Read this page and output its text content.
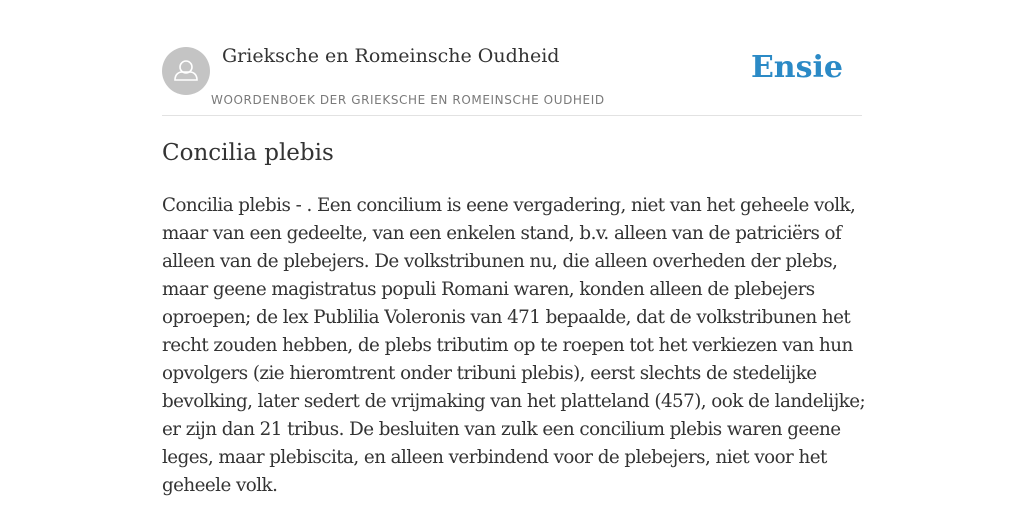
Grieksche en Romeinsche Oudheid
WOORDENBOEK DER GRIEKSCHE EN ROMEINSCHE OUDHEID
Ensie
Concilia plebis
Concilia plebis - . Een concilium is eene vergadering, niet van het geheele volk,
maar van een gedeelte, van een enkelen stand, b.v. alleen van de patriciërs of
alleen van de plebejers. De volkstribunen nu, die alleen overheden der plebs,
maar geene magistratus populi Romani waren, konden alleen de plebejers
oproepen; de lex Publilia Voleronis van 471 bepaalde, dat de volkstribunen het
recht zouden hebben, de plebs tributim op te roepen tot het verkiezen van hun
opvolgers (zie hieromtrent onder tribuni plebis), eerst slechts de stedelijke
bevolking, later sedert de vrijmaking van het platteland (457), ook de landelijke;
er zijn dan 21 tribus. De besluiten van zulk een concilium plebis waren geene
leges, maar plebiscita, en alleen verbindend voor de plebejers, niet voor het
geheele volk.
